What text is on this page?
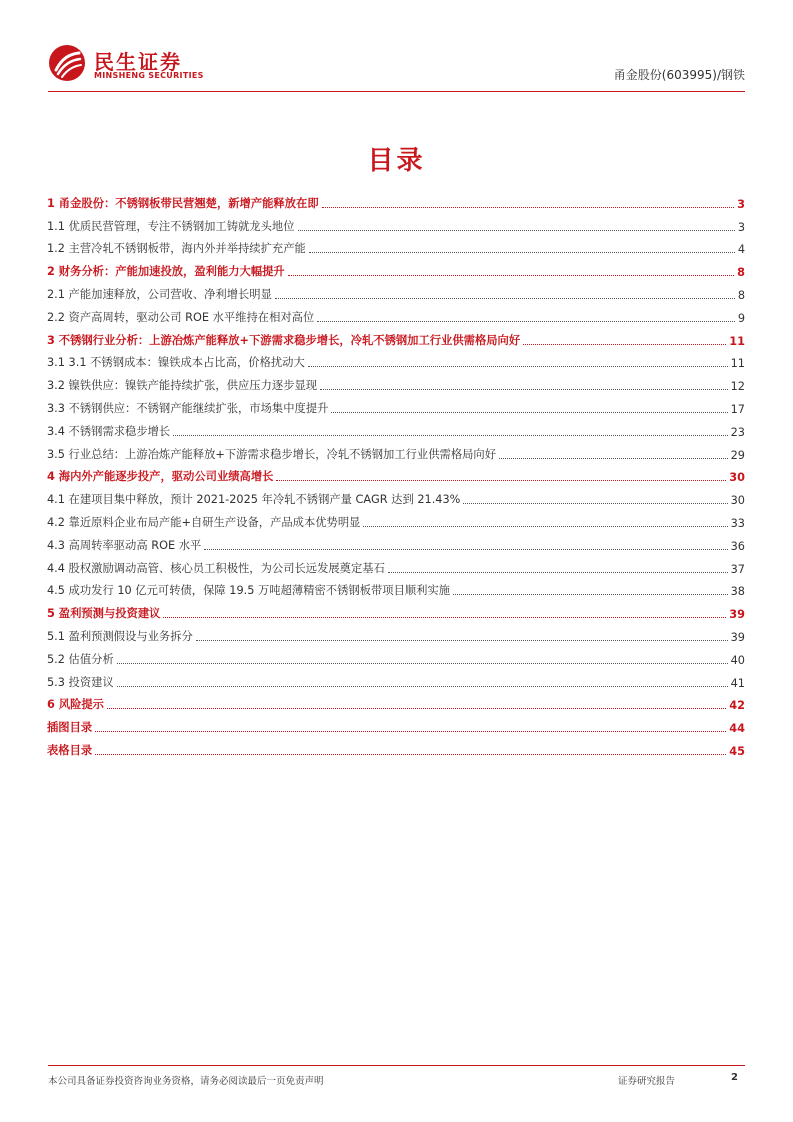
民生证券
MINSHENG SECURITIES	甬金股份(603995)/钢铁
目录
1 甬金股份：不锈钢板带民营翘楚，新增产能释放在即	3
1.1 优质民营管理，专注不锈钢加工铸就龙头地位	3
1.2 主营冷轧不锈钢板带，海内外并举持续扩充产能	4
2 财务分析：产能加速投放，盈利能力大幅提升	8
2.1 产能加速释放，公司营收、净利增长明显	8
2.2 资产高周转，驱动公司 ROE 水平维持在相对高位	9
3 不锈钢行业分析：上游冶炼产能释放+下游需求稳步增长，冷轧不锈钢加工行业供需格局向好	11
3.1 3.1 不锈钢成本：镍铁成本占比高，价格扰动大	11
3.2 镍铁供应：镍铁产能持续扩张，供应压力逐步显现	12
3.3 不锈钢供应：不锈钢产能继续扩张，市场集中度提升	17
3.4 不锈钢需求稳步增长	23
3.5 行业总结：上游冶炼产能释放+下游需求稳步增长，冷轧不锈钢加工行业供需格局向好	29
4 海内外产能逐步投产，驱动公司业绩高增长	30
4.1 在建项目集中释放，预计 2021-2025 年冷轧不锈钢产量 CAGR 达到 21.43%	30
4.2 靠近原料企业布局产能+自研生产设备，产品成本优势明显	33
4.3 高周转率驱动高 ROE 水平	36
4.4 股权激励调动高管、核心员工积极性，为公司长远发展奠定基石	37
4.5 成功发行 10 亿元可转债，保障 19.5 万吨超薄精密不锈钢板带项目顺利实施	38
5 盈利预测与投资建议	39
5.1 盈利预测假设与业务拆分	39
5.2 估值分析	40
5.3 投资建议	41
6 风险提示	42
插图目录	44
表格目录	45
本公司具备证券投资咨询业务资格，请务必阅读最后一页免责声明	证券研究报告	2
